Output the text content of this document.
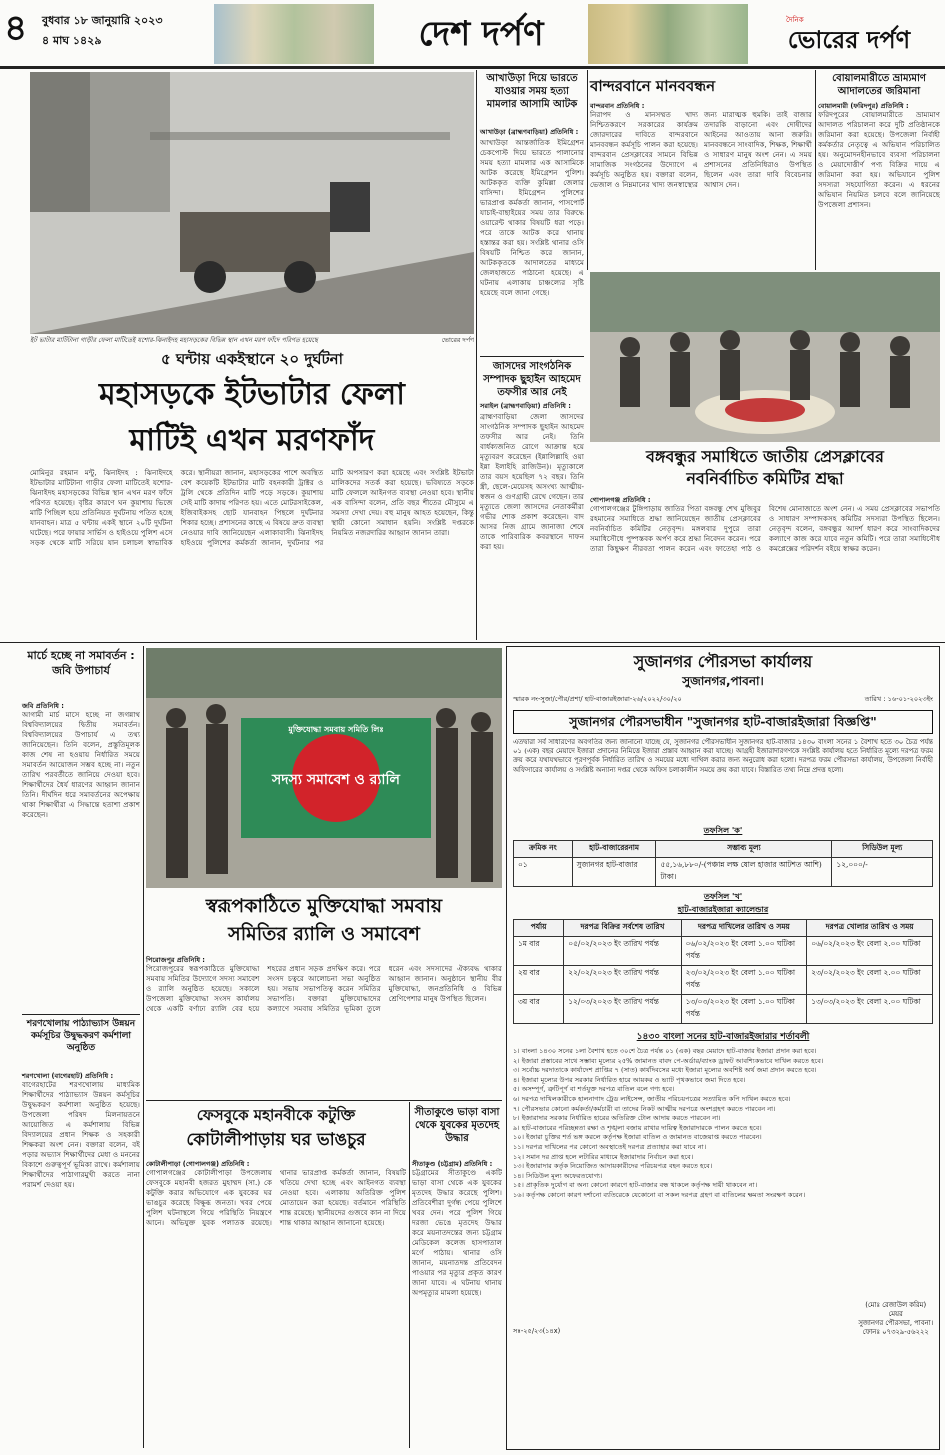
৪	বুধবার ১৮ জানুয়ারি ২০২৩
৪ মাঘ ১৪২৯	দেশ দর্পণ	দৈনিক
ভোরের দর্পণ
ইট ভাটার মাটিটানা গাড়ীর ফেলা মাটিতেই যশোর-ঝিনাইদহ মহাসড়কের বিভিন্ন স্থান এখন মরণ ফাঁদে পরিণত হয়েছে	ভোরের দর্পণ
৫ ঘন্টায় একইস্থানে ২০ দুর্ঘটনা
মহাসড়কে ইটভাটার ফেলা
মাটিই এখন মরণফাঁদ
মোমিনুর রহমান মন্টু, ঝিনাইদহ : ঝিনাইদহে ইটভাটার মাটিটানা গাড়ীর ফেলা মাটিতেই যশোর-ঝিনাইদহ মহাসড়কের বিভিন্ন স্থান এখন মরণ ফাঁদে পরিণত হয়েছে। বৃষ্টির কারণে ঘন কুয়াশায় ভিজে মাটি পিচ্ছিল হয়ে প্রতিনিয়ত দুর্ঘটনায় পতিত হচ্ছে যানবাহন। মাত্র ৫ ঘন্টায় একই স্থানে ২০টি দুর্ঘটনা ঘটেছে। পরে ফায়ার সার্ভিস ও হাইওয়ে পুলিশ এসে সড়ক থেকে মাটি সরিয়ে যান চলাচল স্বাভাবিক করে। স্থানীয়রা জানান, মহাসড়কের পাশে অবস্থিত বেশ কয়েকটি ইটভাটার মাটি বহনকারী ট্রাক্টর ও ট্রলি থেকে প্রতিদিন মাটি পড়ে সড়কে। কুয়াশায় সেই মাটি কাদায় পরিণত হয়। এতে মোটরসাইকেল, ইজিবাইকসহ ছোট যানবাহন পিছলে দুর্ঘটনার শিকার হচ্ছে। প্রশাসনের কাছে এ বিষয়ে দ্রুত ব্যবস্থা নেওয়ার দাবি জানিয়েছেন এলাকাবাসী। ঝিনাইদহ হাইওয়ে পুলিশের কর্মকর্তা জানান, দুর্ঘটনার পর মাটি অপসারণ করা হয়েছে এবং সংশ্লিষ্ট ইটভাটা মালিকদের সতর্ক করা হয়েছে। ভবিষ্যতে সড়কে মাটি ফেললে আইনগত ব্যবস্থা নেওয়া হবে। স্থানীয় এক বাসিন্দা বলেন, প্রতি বছর শীতের মৌসুমে এ সমস্যা দেখা দেয়। বহু মানুষ আহত হয়েছেন, কিন্তু স্থায়ী কোনো সমাধান হয়নি। সংশ্লিষ্ট দপ্তরকে নিয়মিত নজরদারির আহ্বান জানান তারা।
আখাউড়া দিয়ে ভারতে যাওয়ার সময় হত্যা মামলার আসামি আটক
আখাউড়া (ব্রাহ্মণবাড়িয়া) প্রতিনিধি :
আখাউড়া আন্তর্জাতিক ইমিগ্রেশন চেকপোস্ট দিয়ে ভারতে পালানোর সময় হত্যা মামলার এক আসামিকে আটক করেছে ইমিগ্রেশন পুলিশ। আটককৃত ব্যক্তি কুমিল্লা জেলার বাসিন্দা। ইমিগ্রেশন পুলিশের ভারপ্রাপ্ত কর্মকর্তা জানান, পাসপোর্ট যাচাই-বাছাইয়ের সময় তার বিরুদ্ধে ওয়ারেন্ট থাকার বিষয়টি ধরা পড়ে। পরে তাকে আটক করে থানায় হস্তান্তর করা হয়। সংশ্লিষ্ট থানার ওসি বিষয়টি নিশ্চিত করে জানান, আটককৃতকে আদালতের মাধ্যমে জেলহাজতে পাঠানো হয়েছে। এ ঘটনায় এলাকায় চাঞ্চল্যের সৃষ্টি হয়েছে বলে জানা গেছে।
জাসদের সাংগঠনিক সম্পাদক ছুহাইন আহমেদ তফসীর আর নেই
সরাইল (ব্রাহ্মণবাড়িয়া) প্রতিনিধি :
ব্রাহ্মণবাড়িয়া জেলা জাসদের সাংগঠনিক সম্পাদক ছুহাইন আহমেদ তফসীর আর নেই। তিনি বার্ধক্যজনিত রোগে আক্রান্ত হয়ে মৃত্যুবরণ করেছেন (ইন্নালিল্লাহি ওয়া ইন্না ইলাইহি রাজিউন)। মৃত্যুকালে তার বয়স হয়েছিল ৭২ বছর। তিনি স্ত্রী, ছেলে-মেয়েসহ অসংখ্য আত্মীয়-স্বজন ও গুণগ্রাহী রেখে গেছেন। তার মৃত্যুতে জেলা জাসদের নেতাকর্মীরা গভীর শোক প্রকাশ করেছেন। বাদ আসর নিজ গ্রামে জানাজা শেষে তাকে পারিবারিক কবরস্থানে দাফন করা হয়।
বান্দরবানে মানববন্ধন
বান্দরবান প্রতিনিধি :
নিরাপদ ও মানসম্মত খাদ্য নিশ্চিতকরণে সরকারের কার্যক্রম জোরদারের দাবিতে বান্দরবানে মানববন্ধন কর্মসূচি পালন করা হয়েছে। বান্দরবান প্রেসক্লাবের সামনে বিভিন্ন সামাজিক সংগঠনের উদ্যোগে এ কর্মসূচি অনুষ্ঠিত হয়। বক্তারা বলেন, ভেজাল ও নিম্নমানের খাদ্য জনস্বাস্থ্যের জন্য মারাত্মক হুমকি। তাই বাজার তদারকি বাড়ানো এবং দোষীদের আইনের আওতায় আনা জরুরি। মানববন্ধনে সাংবাদিক, শিক্ষক, শিক্ষার্থী ও সাধারণ মানুষ অংশ নেন। এ সময় প্রশাসনের প্রতিনিধিরাও উপস্থিত ছিলেন এবং তারা দাবি বিবেচনার আশ্বাস দেন।
বোয়ালমারীতে ভ্রাম্যমাণ আদালতের জরিমানা
বোয়ালমারী (ফরিদপুর) প্রতিনিধি :
ফরিদপুরের বোয়ালমারীতে ভ্রাম্যমাণ আদালত পরিচালনা করে দুটি প্রতিষ্ঠানকে জরিমানা করা হয়েছে। উপজেলা নির্বাহী কর্মকর্তার নেতৃত্বে এ অভিযান পরিচালিত হয়। অনুমোদনহীনভাবে ব্যবসা পরিচালনা ও মেয়াদোত্তীর্ণ পণ্য বিক্রির দায়ে এ জরিমানা করা হয়। অভিযানে পুলিশ সদস্যরা সহযোগিতা করেন। এ ধরনের অভিযান নিয়মিত চলবে বলে জানিয়েছে উপজেলা প্রশাসন।
বঙ্গবন্ধুর সমাধিতে জাতীয় প্রেসক্লাবের
নবনির্বাচিত কমিটির শ্রদ্ধা
গোপালগঞ্জ প্রতিনিধি :
গোপালগঞ্জের টুঙ্গিপাড়ায় জাতির পিতা বঙ্গবন্ধু শেখ মুজিবুর রহমানের সমাধিতে শ্রদ্ধা জানিয়েছেন জাতীয় প্রেসক্লাবের নবনির্বাচিত কমিটির নেতৃবৃন্দ। মঙ্গলবার দুপুরে তারা সমাধিসৌধে পুষ্পস্তবক অর্পণ করে শ্রদ্ধা নিবেদন করেন। পরে তারা কিছুক্ষণ নীরবতা পালন করেন এবং ফাতেহা পাঠ ও বিশেষ মোনাজাতে অংশ নেন। এ সময় প্রেসক্লাবের সভাপতি ও সাধারণ সম্পাদকসহ কমিটির সদস্যরা উপস্থিত ছিলেন। নেতৃবৃন্দ বলেন, বঙ্গবন্ধুর আদর্শ ধারণ করে সাংবাদিকদের কল্যাণে কাজ করে যাবে নতুন কমিটি। পরে তারা সমাধিসৌধ কমপ্লেক্সের পরিদর্শন বইয়ে স্বাক্ষর করেন।
মার্চে হচ্ছে না সমাবর্তন : জবি উপাচার্য
জবি প্রতিনিধি :
আগামী মার্চ মাসে হচ্ছে না জগন্নাথ বিশ্ববিদ্যালয়ের দ্বিতীয় সমাবর্তন। বিশ্ববিদ্যালয়ের উপাচার্য এ তথ্য জানিয়েছেন। তিনি বলেন, প্রস্তুতিমূলক কাজ শেষ না হওয়ায় নির্ধারিত সময়ে সমাবর্তন আয়োজন সম্ভব হচ্ছে না। নতুন তারিখ পরবর্তীতে জানিয়ে দেওয়া হবে। শিক্ষার্থীদের ধৈর্য ধারণের আহ্বান জানান তিনি। দীর্ঘদিন ধরে সমাবর্তনের অপেক্ষায় থাকা শিক্ষার্থীরা এ সিদ্ধান্তে হতাশা প্রকাশ করেছেন।
শরণখোলায় পাঠ্যাভ্যাস উন্নয়ন কর্মসূচির উদ্বুদ্ধকরণ কর্মশালা অনুষ্ঠিত
শরণখোলা (বাগেরহাট) প্রতিনিধি :
বাগেরহাটের শরণখোলায় মাধ্যমিক শিক্ষার্থীদের পাঠ্যাভ্যাস উন্নয়ন কর্মসূচির উদ্বুদ্ধকরণ কর্মশালা অনুষ্ঠিত হয়েছে। উপজেলা পরিষদ মিলনায়তনে আয়োজিত এ কর্মশালায় বিভিন্ন বিদ্যালয়ের প্রধান শিক্ষক ও সহকারী শিক্ষকরা অংশ নেন। বক্তারা বলেন, বই পড়ার অভ্যাস শিক্ষার্থীদের মেধা ও মননের বিকাশে গুরুত্বপূর্ণ ভূমিকা রাখে। কর্মশালায় শিক্ষার্থীদের পাঠাগারমুখী করতে নানা পরামর্শ দেওয়া হয়।
মুক্তিযোদ্ধা সমবায় সমিতি লিঃ
সদস্য সমাবেশ ও র‍্যালি
স্বরূপকাঠিতে মুক্তিযোদ্ধা সমবায়
সমিতির র‍্যালি ও সমাবেশ
পিরোজপুর প্রতিনিধি :
পিরোজপুরের স্বরূপকাঠিতে মুক্তিযোদ্ধা সমবায় সমিতির উদ্যোগে সদস্য সমাবেশ ও র‍্যালি অনুষ্ঠিত হয়েছে। সকালে উপজেলা মুক্তিযোদ্ধা সংসদ কার্যালয় থেকে একটি বর্ণাঢ্য র‍্যালি বের হয়ে শহরের প্রধান সড়ক প্রদক্ষিণ করে। পরে সংসদ চত্বরে আলোচনা সভা অনুষ্ঠিত হয়। সভায় সভাপতিত্ব করেন সমিতির সভাপতি। বক্তারা মুক্তিযোদ্ধাদের কল্যাণে সমবায় সমিতির ভূমিকা তুলে ধরেন এবং সদস্যদের ঐক্যবদ্ধ থাকার আহ্বান জানান। অনুষ্ঠানে স্থানীয় বীর মুক্তিযোদ্ধা, জনপ্রতিনিধি ও বিভিন্ন শ্রেণিপেশার মানুষ উপস্থিত ছিলেন।
ফেসবুকে মহানবীকে কটুক্তি
কোটালীপাড়ায় ঘর ভাঙচুর
কোটালীপাড়া (গোপালগঞ্জ) প্রতিনিধি :
গোপালগঞ্জের কোটালীপাড়া উপজেলায় ফেসবুকে মহানবী হজরত মুহাম্মদ (সা.) কে কটুক্তি করার অভিযোগে এক যুবকের ঘর ভাঙচুর করেছে বিক্ষুব্ধ জনতা। খবর পেয়ে পুলিশ ঘটনাস্থলে গিয়ে পরিস্থিতি নিয়ন্ত্রণে আনে। অভিযুক্ত যুবক পলাতক রয়েছে। থানার ভারপ্রাপ্ত কর্মকর্তা জানান, বিষয়টি খতিয়ে দেখা হচ্ছে এবং আইনগত ব্যবস্থা নেওয়া হবে। এলাকায় অতিরিক্ত পুলিশ মোতায়েন করা হয়েছে। বর্তমানে পরিস্থিতি শান্ত রয়েছে। স্থানীয়দের গুজবে কান না দিয়ে শান্ত থাকার আহ্বান জানানো হয়েছে।
সীতাকুণ্ডে ভাড়া বাসা থেকে যুবকের মৃতদেহ উদ্ধার
সীতাকুণ্ড (চট্টগ্রাম) প্রতিনিধি :
চট্টগ্রামের সীতাকুণ্ডে একটি ভাড়া বাসা থেকে এক যুবকের মৃতদেহ উদ্ধার করেছে পুলিশ। প্রতিবেশীরা দুর্গন্ধ পেয়ে পুলিশে খবর দেন। পরে পুলিশ গিয়ে দরজা ভেঙে মৃতদেহ উদ্ধার করে ময়নাতদন্তের জন্য চট্টগ্রাম মেডিকেল কলেজ হাসপাতাল মর্গে পাঠায়। থানার ওসি জানান, ময়নাতদন্ত প্রতিবেদন পাওয়ার পর মৃত্যুর প্রকৃত কারণ জানা যাবে। এ ঘটনায় থানায় অপমৃত্যুর মামলা হয়েছে।
সুজানগর পৌরসভা কার্যালয়
সুজানগর,পাবনা।
স্মারক নং-সুজা/পৌর/প্রশা/ হাট-বাজারইজারা-২৬/২০২২/৩০/২০	তারিখ : ১৬-০১-২০২৩ইং
সুজানগর পৌরসভাধীন "সুজানগর হাট-বাজারইজারা বিজ্ঞপ্তি"
এতদ্বারা সর্ব সাধারণের অবগতির জন্য জানানো যাচ্ছে যে, সুজানগর পৌরসভাধীন সুজানগর হাট-বাজার ১৪৩০ বাংলা সনের ১ বৈশাখ হতে ৩০ চৈত্র পর্যন্ত ০১ (এক) বছর মেয়াদে ইজারা প্রদানের নিমিত্তে ইজারা প্রস্তাব আহ্বান করা যাচ্ছে। আগ্রহী ইজারাদারগণকে সংশ্লিষ্ট কার্যালয় হতে নির্ধারিত মূল্যে দরপত্র ফরম ক্রয় করে যথাযথভাবে পূরণপূর্বক নির্ধারিত তারিখ ও সময়ের মধ্যে দাখিল করার জন্য অনুরোধ করা হলো। দরপত্র ফরম পৌরসভা কার্যালয়, উপজেলা নির্বাহী অফিসারের কার্যালয় ও সংশ্লিষ্ট অন্যান্য দপ্তর থেকে অফিস চলাকালীন সময়ে ক্রয় করা যাবে। বিস্তারিত তথ্য নিম্নে প্রদত্ত হলো।
তফসিল 'ক'
ক্রমিক নং	হাট-বাজারেরনাম	সম্ভাব্য মূল্য	সিডিউল মূল্য
০১	সুজানগর হাট-বাজার	৫৫,১৬,৮৮০/-(পঞ্চান্ন লক্ষ ষোল হাজার আটশত আশি) টাকা।	১২,০০০/-
তফসিল 'খ'
হাট-বাজারইজারা ক্যালেন্ডার
পর্যায়	দরপত্র বিক্রির সর্বশেষ তারিখ	দরপত্র দাখিলের তারিখ ও সময়	দরপত্র খোলার তারিখ ও সময়
১ম বার	০৫/০২/২০২৩ ইং তারিখ পর্যন্ত	০৬/০২/২০২৩ ইং বেলা ১.০০ ঘটিকা পর্যন্ত	০৬/০২/২০২৩ ইং বেলা ২.০০ ঘটিকা
২য় বার	২২/০২/২০২৩ ইং তারিখ পর্যন্ত	২৩/০২/২০২৩ ইং বেলা ১.০০ ঘটিকা পর্যন্ত	২৩/০২/২০২৩ ইং বেলা ২.০০ ঘটিকা
৩য় বার	১২/০৩/২০২৩ ইং তারিখ পর্যন্ত	১৩/০৩/২০২৩ ইং বেলা ১.০০ ঘটিকা পর্যন্ত	১৩/০৩/২০২৩ ইং বেলা ২.০০ ঘটিকা
১৪৩০ বাংলা সনের হাট-বাজারইজারার শর্তাবলী
১। বাংলা ১৪৩০ সনের ১লা বৈশাখ হতে ৩০শে চৈত্র পর্যন্ত ০১ (এক) বছর মেয়াদে হাট-বাজার ইজারা প্রদান করা হবে।
২। ইজারা প্রস্তাবের সাথে সম্ভাব্য মূল্যের ২৫% জামানত বাবদ পে-অর্ডার/ব্যাংক ড্রাফট আবশ্যিকভাবে দাখিল করতে হবে।
৩। সর্বোচ্চ দরদাতাকে কার্যাদেশ প্রাপ্তির ৭ (সাত) কার্যদিবসের মধ্যে ইজারা মূল্যের অবশিষ্ট অর্থ জমা প্রদান করতে হবে।
৪। ইজারা মূল্যের উপর সরকার নির্ধারিত হারে আয়কর ও ভ্যাট পৃথকভাবে জমা দিতে হবে।
৫। অসম্পূর্ণ, ত্রুটিপূর্ণ বা শর্তযুক্ত দরপত্র বাতিল বলে গণ্য হবে।
৬। দরপত্র দাখিলকারীকে হালনাগাদ ট্রেড লাইসেন্স, জাতীয় পরিচয়পত্রের সত্যায়িত কপি দাখিল করতে হবে।
৭। পৌরসভার কোনো কর্মকর্তা/কর্মচারী বা তাদের নিকট আত্মীয় দরপত্রে অংশগ্রহণ করতে পারবেন না।
৮। ইজারাদার সরকার নির্ধারিত হারের অতিরিক্ত টোল আদায় করতে পারবেন না।
৯। হাট-বাজারের পরিচ্ছন্নতা রক্ষা ও শৃঙ্খলা বজায় রাখার দায়িত্ব ইজারাদারকে পালন করতে হবে।
১০। ইজারা চুক্তির শর্ত ভঙ্গ করলে কর্তৃপক্ষ ইজারা বাতিল ও জামানত বাজেয়াপ্ত করতে পারবেন।
১১। দরপত্র দাখিলের পর কোনো অবস্থাতেই দরপত্র প্রত্যাহার করা যাবে না।
১২। সমান দর প্রাপ্ত হলে লটারির মাধ্যমে ইজারাদার নির্বাচন করা হবে।
১৩। ইজারাদার কর্তৃক নিয়োজিত আদায়কারীদের পরিচয়পত্র বহন করতে হবে।
১৪। সিডিউল মূল্য অফেরতযোগ্য।
১৫। প্রাকৃতিক দুর্যোগ বা অন্য কোনো কারণে হাট-বাজার বন্ধ থাকলে কর্তৃপক্ষ দায়ী থাকবেন না।
১৬। কর্তৃপক্ষ কোনো কারণ দর্শানো ব্যতিরেকে যেকোনো বা সকল দরপত্র গ্রহণ বা বাতিলের ক্ষমতা সংরক্ষণ করেন।
সঃ-২৫/২৩(১৪x)
(মোঃ রেজাউল করিম)
মেয়র
সুজানগর পৌরসভা, পাবনা।
ফোনঃ ০৭৩২৯-৫৬২২২
